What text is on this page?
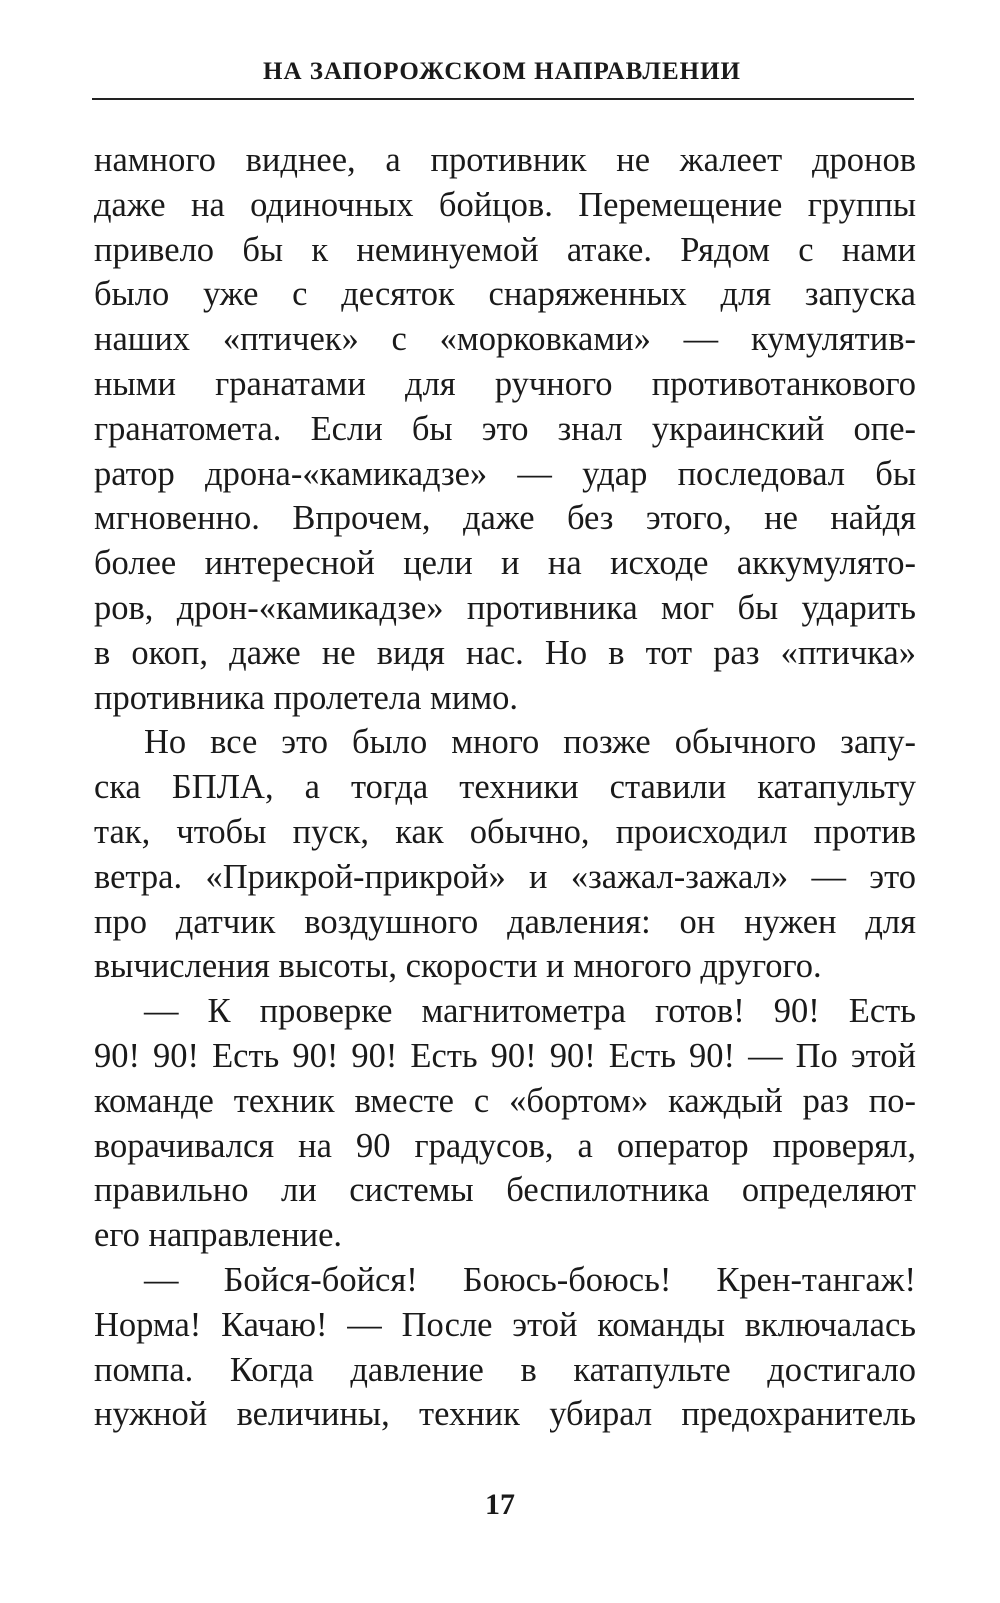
НА ЗАПОРОЖСКОМ НАПРАВЛЕНИИ
намного виднее, а противник не жалеет дронов
даже на одиночных бойцов. Перемещение группы
привело бы к неминуемой атаке. Рядом с нами
было уже с десяток снаряженных для запуска
наших «птичек» с «морковками» — кумулятив-
ными гранатами для ручного противотанкового
гранатомета. Если бы это знал украинский опе-
ратор дрона-«камикадзе» — удар последовал бы
мгновенно. Впрочем, даже без этого, не найдя
более интересной цели и на исходе аккумулято-
ров, дрон-«камикадзе» противника мог бы ударить
в окоп, даже не видя нас. Но в тот раз «птичка»
противника пролетела мимо.
Но все это было много позже обычного запу-
ска БПЛА, а тогда техники ставили катапульту
так, чтобы пуск, как обычно, происходил против
ветра. «Прикрой-прикрой» и «зажал-зажал» — это
про датчик воздушного давления: он нужен для
вычисления высоты, скорости и многого другого.
— К проверке магнитометра готов! 90! Есть
90! 90! Есть 90! 90! Есть 90! 90! Есть 90! — По этой
команде техник вместе с «бортом» каждый раз по-
ворачивался на 90 градусов, а оператор проверял,
правильно ли системы беспилотника определяют
его направление.
— Бойся-бойся! Боюсь-боюсь! Крен-тангаж!
Норма! Качаю! — После этой команды включалась
помпа. Когда давление в катапульте достигало
нужной величины, техник убирал предохранитель
17
